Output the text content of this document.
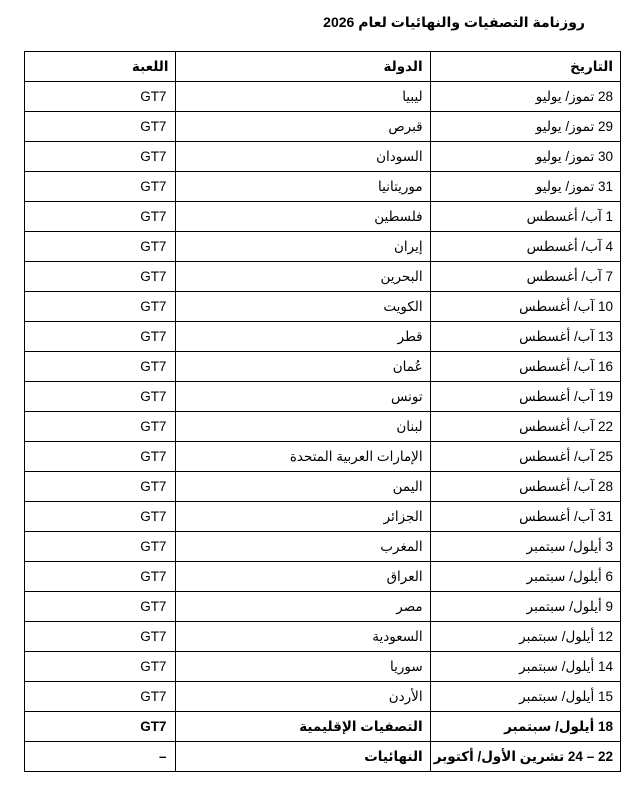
روزنامة التصفيات والنهائيات لعام 2026
التاريخ	الدولة	اللعبة
28 تموز/ يوليو	ليبيا	GT7
29 تموز/ يوليو	قبرص	GT7
30 تموز/ يوليو	السودان	GT7
31 تموز/ يوليو	موريتانيا	GT7
1 آب/ أغسطس	فلسطين	GT7
4 آب/ أغسطس	إيران	GT7
7 آب/ أغسطس	البحرين	GT7
10 آب/ أغسطس	الكويت	GT7
13 آب/ أغسطس	قطر	GT7
16 آب/ أغسطس	عُمان	GT7
19 آب/ أغسطس	تونس	GT7
22 آب/ أغسطس	لبنان	GT7
25 آب/ أغسطس	الإمارات العربية المتحدة	GT7
28 آب/ أغسطس	اليمن	GT7
31 آب/ أغسطس	الجزائر	GT7
3 أيلول/ سبتمبر	المغرب	GT7
6 أيلول/ سبتمبر	العراق	GT7
9 أيلول/ سبتمبر	مصر	GT7
12 أيلول/ سبتمبر	السعودية	GT7
14 أيلول/ سبتمبر	سوريا	GT7
15 أيلول/ سبتمبر	الأردن	GT7
18 أيلول/ سبتمبر	التصفيات الإقليمية	GT7
22 – 24 تشرين الأول/ أكتوبر	النهائيات	–
